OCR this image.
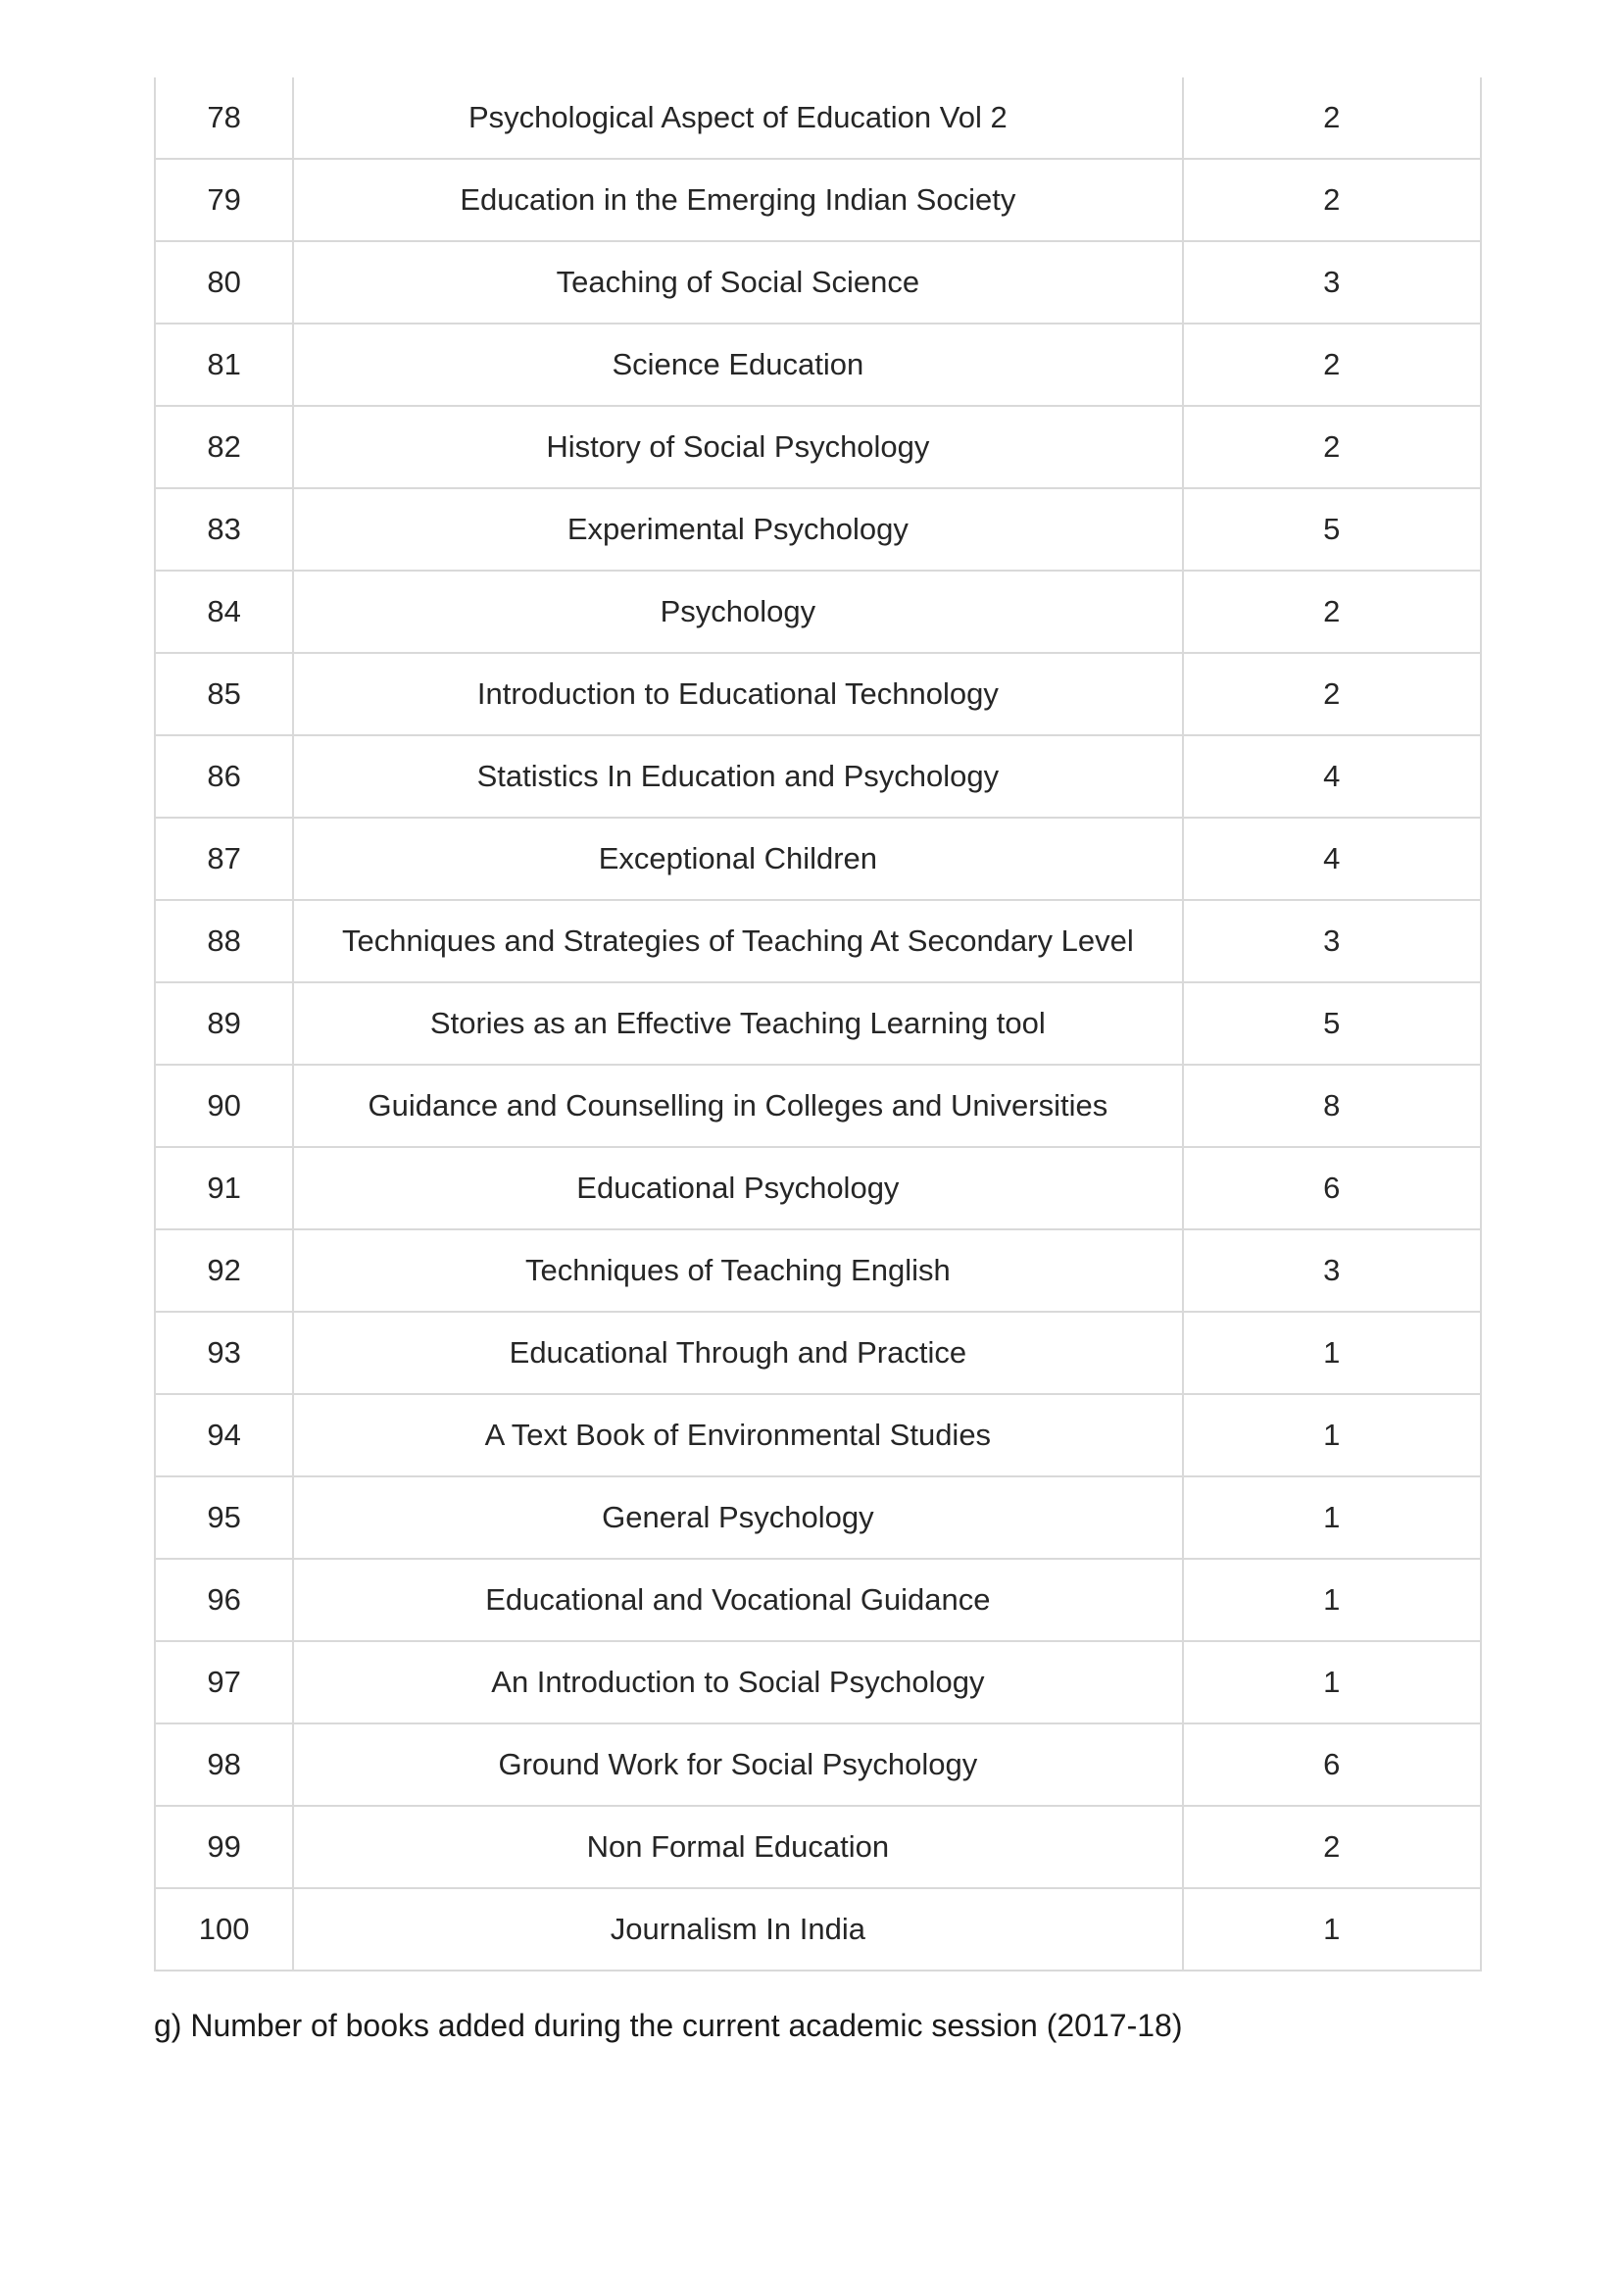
78	Psychological Aspect of Education Vol 2	2
79	Education in the Emerging Indian Society	2
80	Teaching of Social Science	3
81	Science Education	2
82	History of Social Psychology	2
83	Experimental Psychology	5
84	Psychology	2
85	Introduction to Educational Technology	2
86	Statistics In Education and Psychology	4
87	Exceptional Children	4
88	Techniques and Strategies of Teaching At Secondary Level	3
89	Stories as an Effective Teaching Learning tool	5
90	Guidance and Counselling in Colleges and Universities	8
91	Educational Psychology	6
92	Techniques of Teaching English	3
93	Educational Through and Practice	1
94	A Text Book of Environmental Studies	1
95	General Psychology	1
96	Educational and Vocational Guidance	1
97	An Introduction to Social Psychology	1
98	Ground Work for Social Psychology	6
99	Non Formal Education	2
100	Journalism In India	1
g) Number of books added during the current academic session (2017-18)
